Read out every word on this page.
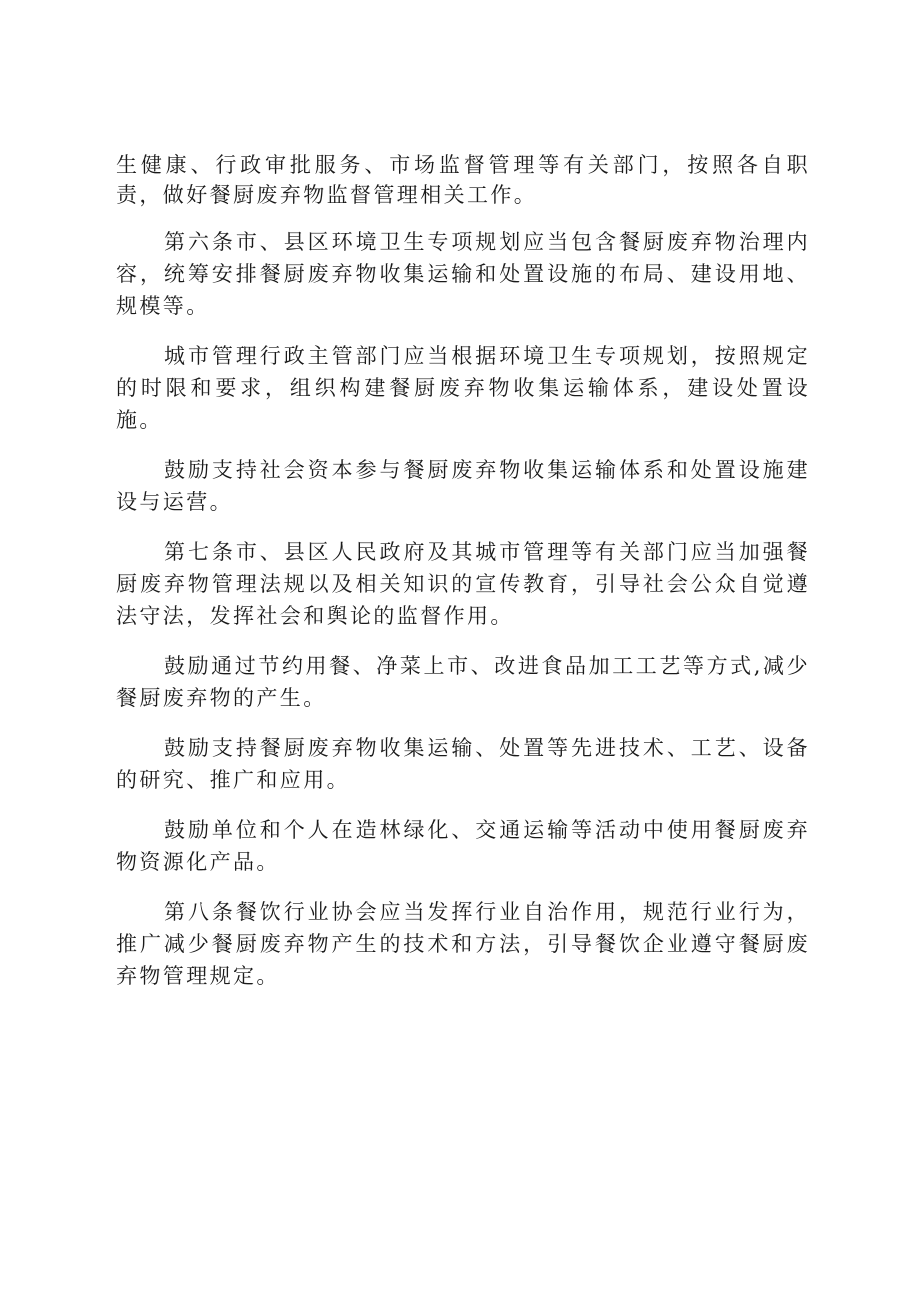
生健康、行政审批服务、市场监督管理等有关部门，按照各自职责，做好餐厨废弃物监督管理相关工作。

第六条市、县区环境卫生专项规划应当包含餐厨废弃物治理内容，统筹安排餐厨废弃物收集运输和处置设施的布局、建设用地、规模等。

城市管理行政主管部门应当根据环境卫生专项规划，按照规定的时限和要求，组织构建餐厨废弃物收集运输体系，建设处置设施。

鼓励支持社会资本参与餐厨废弃物收集运输体系和处置设施建设与运营。

第七条市、县区人民政府及其城市管理等有关部门应当加强餐厨废弃物管理法规以及相关知识的宣传教育，引导社会公众自觉遵法守法，发挥社会和舆论的监督作用。

鼓励通过节约用餐、净菜上市、改进食品加工工艺等方式,减少餐厨废弃物的产生。

鼓励支持餐厨废弃物收集运输、处置等先进技术、工艺、设备的研究、推广和应用。

鼓励单位和个人在造林绿化、交通运输等活动中使用餐厨废弃物资源化产品。

第八条餐饮行业协会应当发挥行业自治作用，规范行业行为，推广减少餐厨废弃物产生的技术和方法，引导餐饮企业遵守餐厨废弃物管理规定。
